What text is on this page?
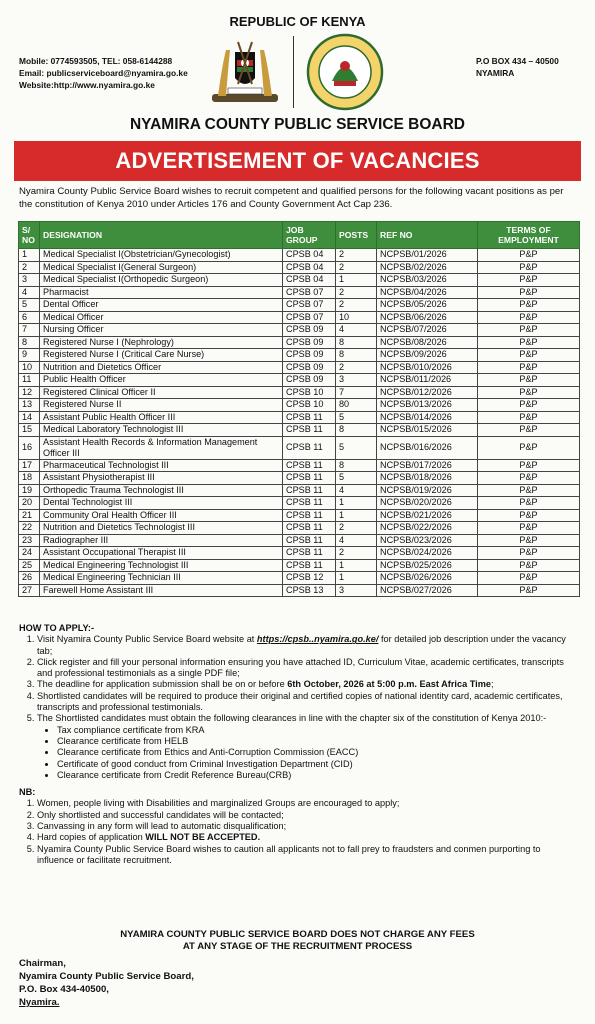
REPUBLIC OF KENYA
Mobile: 0774593505, TEL: 058-6144288
Email: publicserviceboard@nyamira.go.ke
Website:http://www.nyamira.go.ke
P.O BOX 434 – 40500
NYAMIRA
NYAMIRA COUNTY PUBLIC SERVICE BOARD
ADVERTISEMENT OF VACANCIES
Nyamira County Public Service Board wishes to recruit competent and qualified persons for the following vacant positions as per the constitution of Kenya 2010 under Articles 176 and County Government Act Cap 236.
S/ NO	DESIGNATION	JOB GROUP	POSTS	REF NO	TERMS OF EMPLOYMENT
1	Medical Specialist I(Obstetrician/Gynecologist)	CPSB 04	2	NCPSB/01/2026	P&P
2	Medical Specialist I(General Surgeon)	CPSB 04	2	NCPSB/02/2026	P&P
3	Medical Specialist I(Orthopedic Surgeon)	CPSB 04	1	NCPSB/03/2026	P&P
4	Pharmacist	CPSB 07	2	NCPSB/04/2026	P&P
5	Dental Officer	CPSB 07	2	NCPSB/05/2026	P&P
6	Medical Officer	CPSB 07	10	NCPSB/06/2026	P&P
7	Nursing Officer	CPSB 09	4	NCPSB/07/2026	P&P
8	Registered Nurse I (Nephrology)	CPSB 09	8	NCPSB/08/2026	P&P
9	Registered Nurse I (Critical Care Nurse)	CPSB 09	8	NCPSB/09/2026	P&P
10	Nutrition and Dietetics Officer	CPSB 09	2	NCPSB/010/2026	P&P
11	Public Health Officer	CPSB 09	3	NCPSB/011/2026	P&P
12	Registered Clinical Officer II	CPSB 10	7	NCPSB/012/2026	P&P
13	Registered Nurse II	CPSB 10	80	NCPSB/013/2026	P&P
14	Assistant Public Health Officer III	CPSB 11	5	NCPSB/014/2026	P&P
15	Medical Laboratory Technologist III	CPSB 11	8	NCPSB/015/2026	P&P
16	Assistant Health Records & Information Management Officer III	CPSB 11	5	NCPSB/016/2026	P&P
17	Pharmaceutical Technologist III	CPSB 11	8	NCPSB/017/2026	P&P
18	Assistant Physiotherapist III	CPSB 11	5	NCPSB/018/2026	P&P
19	Orthopedic Trauma Technologist III	CPSB 11	4	NCPSB/019/2026	P&P
20	Dental Technologist III	CPSB 11	1	NCPSB/020/2026	P&P
21	Community Oral Health Officer III	CPSB 11	1	NCPSB/021/2026	P&P
22	Nutrition and Dietetics Technologist III	CPSB 11	2	NCPSB/022/2026	P&P
23	Radiographer III	CPSB 11	4	NCPSB/023/2026	P&P
24	Assistant Occupational Therapist III	CPSB 11	2	NCPSB/024/2026	P&P
25	Medical Engineering Technologist III	CPSB 11	1	NCPSB/025/2026	P&P
26	Medical Engineering Technician III	CPSB 12	1	NCPSB/026/2026	P&P
27	Farewell Home Assistant III	CPSB 13	3	NCPSB/027/2026	P&P
HOW TO APPLY:-
1. Visit Nyamira County Public Service Board website at https://cpsb..nyamira.go.ke/ for detailed job description under the vacancy tab;
2. Click register and fill your personal information ensuring you have attached ID, Curriculum Vitae, academic certificates, transcripts and professional testimonials as a single PDF file;
3. The deadline for application submission shall be on or before 6th October, 2026 at 5:00 p.m. East Africa Time;
4. Shortlisted candidates will be required to produce their original and certified copies of national identity card, academic certificates, transcripts and professional testimonials.
5. The Shortlisted candidates must obtain the following clearances in line with the chapter six of the constitution of Kenya 2010:-
• Tax compliance certificate from KRA
• Clearance certificate from HELB
• Clearance certificate from Ethics and Anti-Corruption Commission (EACC)
• Certificate of good conduct from Criminal Investigation Department (CID)
• Clearance certificate from Credit Reference Bureau(CRB)
NB:
1. Women, people living with Disabilities and marginalized Groups are encouraged to apply;
2. Only shortlisted and successful candidates will be contacted;
3. Canvassing in any form will lead to automatic disqualification;
4. Hard copies of application WILL NOT BE ACCEPTED.
5. Nyamira County Public Service Board wishes to caution all applicants not to fall prey to fraudsters and conmen purporting to influence or facilitate recruitment.
NYAMIRA COUNTY PUBLIC SERVICE BOARD DOES NOT CHARGE ANY FEES
AT ANY STAGE OF THE RECRUITMENT PROCESS
Chairman,
Nyamira County Public Service Board,
P.O. Box 434-40500,
Nyamira.
